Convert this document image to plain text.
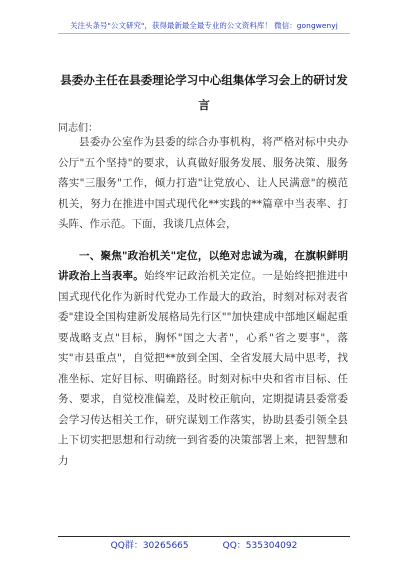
关注头条号"公文研究"，获得最新最全最专业的公文资料库！ 微信：gongwenyj
县委办主任在县委理论学习中心组集体学习会上的研讨发言
同志们：

县委办公室作为县委的综合办事机构，将严格对标中央办公厅"五个坚持"的要求，认真做好服务发展、服务决策、服务落实"三服务"工作，倾力打造"让党放心、让人民满意"的模范机关，努力在推进中国式现代化**实践的**篇章中当表率、打头阵、作示范。下面，我谈几点体会，

一、聚焦"政治机关"定位，以绝对忠诚为魂，在旗帜鲜明讲政治上当表率。始终牢记政治机关定位。一是始终把推进中国式现代化作为新时代党办工作最大的政治，时刻对标对表省委"建设全国构建新发展格局先行区""加快建成中部地区崛起重要战略支点"目标，胸怀"国之大者"，心系"省之要事"，落实"市县重点"，自觉把**放到全国、全省发展大局中思考，找准坐标、定好目标、明确路径。时刻对标中央和省市目标、任务、要求，自觉校准偏差，及时校正航向，定期提请县委常委会学习传达相关工作，研究谋划工作落实，协助县委引领全县上下切实把思想和行动统一到省委的决策部署上来，把智慧和力

QQ群：30265665	QQ：535304092
